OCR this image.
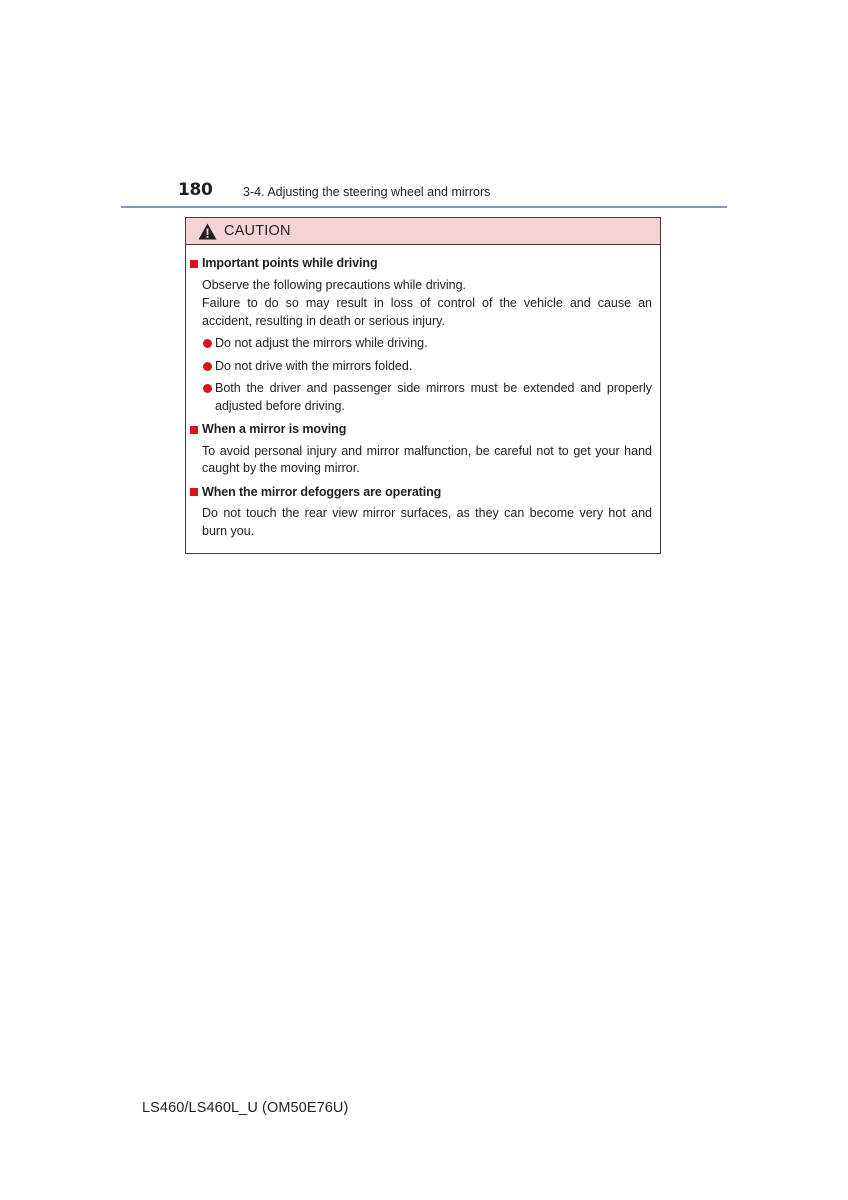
180 3-4. Adjusting the steering wheel and mirrors
CAUTION
Important points while driving
Observe the following precautions while driving.
Failure to do so may result in loss of control of the vehicle and cause an accident, resulting in death or serious injury.
Do not adjust the mirrors while driving.
Do not drive with the mirrors folded.
Both the driver and passenger side mirrors must be extended and properly adjusted before driving.
When a mirror is moving
To avoid personal injury and mirror malfunction, be careful not to get your hand caught by the moving mirror.
When the mirror defoggers are operating
Do not touch the rear view mirror surfaces, as they can become very hot and burn you.
LS460/LS460L_U (OM50E76U)
